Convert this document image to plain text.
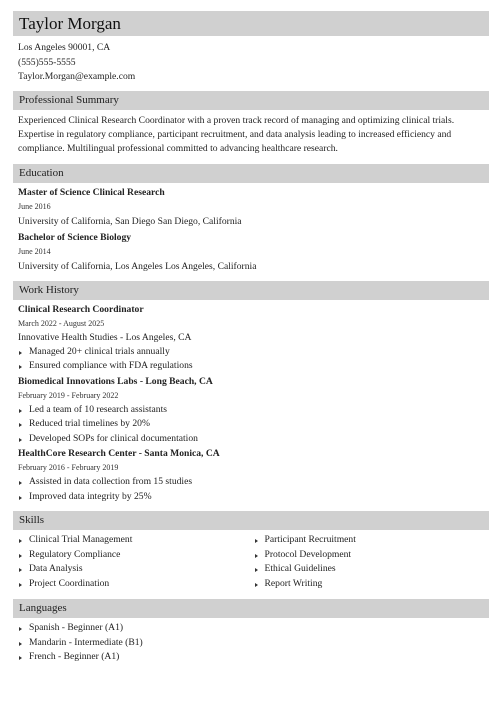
Taylor Morgan
Los Angeles 90001, CA
(555)555-5555
Taylor.Morgan@example.com
Professional Summary
Experienced Clinical Research Coordinator with a proven track record of managing and optimizing clinical trials. Expertise in regulatory compliance, participant recruitment, and data analysis leading to increased efficiency and compliance. Multilingual professional committed to advancing healthcare research.
Education
Master of Science Clinical Research
June 2016
University of California, San Diego San Diego, California
Bachelor of Science Biology
June 2014
University of California, Los Angeles Los Angeles, California
Work History
Clinical Research Coordinator
March 2022 - August 2025
Innovative Health Studies - Los Angeles, CA
Managed 20+ clinical trials annually
Ensured compliance with FDA regulations
Biomedical Innovations Labs - Long Beach, CA
February 2019 - February 2022
Led a team of 10 research assistants
Reduced trial timelines by 20%
Developed SOPs for clinical documentation
HealthCore Research Center - Santa Monica, CA
February 2016 - February 2019
Assisted in data collection from 15 studies
Improved data integrity by 25%
Skills
Clinical Trial Management
Regulatory Compliance
Data Analysis
Project Coordination
Participant Recruitment
Protocol Development
Ethical Guidelines
Report Writing
Languages
Spanish - Beginner (A1)
Mandarin - Intermediate (B1)
French - Beginner (A1)
